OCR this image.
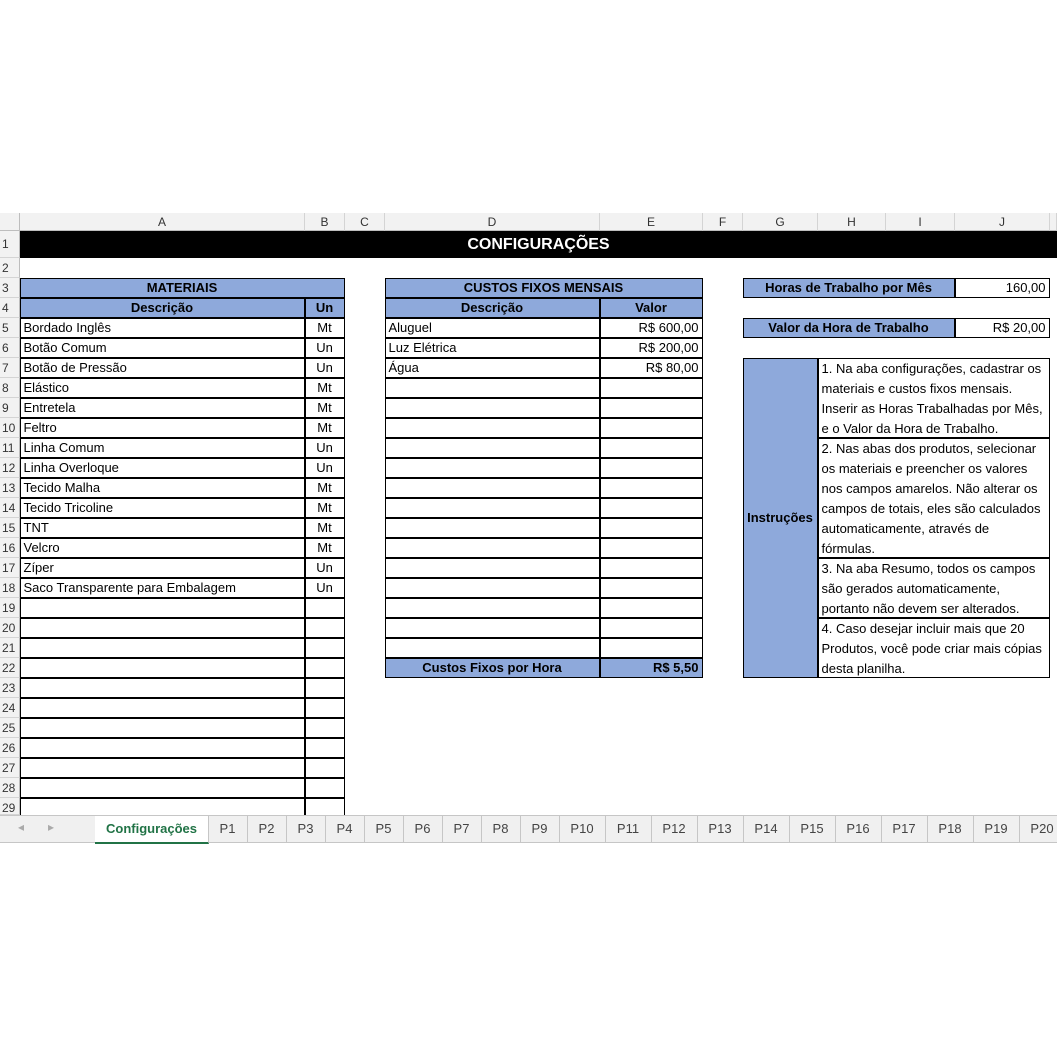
A	B	C	D	E	F	G	H	I	J
1
2
3
4
5
6
7
8
9
10
11
12
13
14
15
16
17
18
19
20
21
22
23
24
25
26
27
28
29
CONFIGURAÇÕES
MATERIAIS
Descrição	Un
Bordado Inglês	Mt
Botão Comum	Un
Botão de Pressão	Un
Elástico	Mt
Entretela	Mt
Feltro	Mt
Linha Comum	Un
Linha Overloque	Un
Tecido Malha	Mt
Tecido Tricoline	Mt
TNT	Mt
Velcro	Mt
Zíper	Un
Saco Transparente para Embalagem	Un
CUSTOS FIXOS MENSAIS
Descrição	Valor
Aluguel	R$ 600,00
Luz Elétrica	R$ 200,00
Água	R$ 80,00
Custos Fixos por Hora	R$ 5,50
Horas de Trabalho por Mês	160,00
Valor da Hora de Trabalho	R$ 20,00
Instruções
1. Na aba configurações, cadastrar os materiais e custos fixos mensais. Inserir as Horas Trabalhadas por Mês, e o Valor da Hora de Trabalho.
2. Nas abas dos produtos, selecionar os materiais e preencher os valores nos campos amarelos. Não alterar os campos de totais, eles são calculados automaticamente, através de fórmulas.
3. Na aba Resumo, todos os campos são gerados automaticamente, portanto não devem ser alterados.
4. Caso desejar incluir mais que 20 Produtos, você pode criar mais cópias desta planilha.
◂ ▸	Configurações	P1	P2	P3	P4	P5	P6	P7	P8	P9	P10	P11	P12	P13	P14	P15	P16	P17	P18	P19	P20
